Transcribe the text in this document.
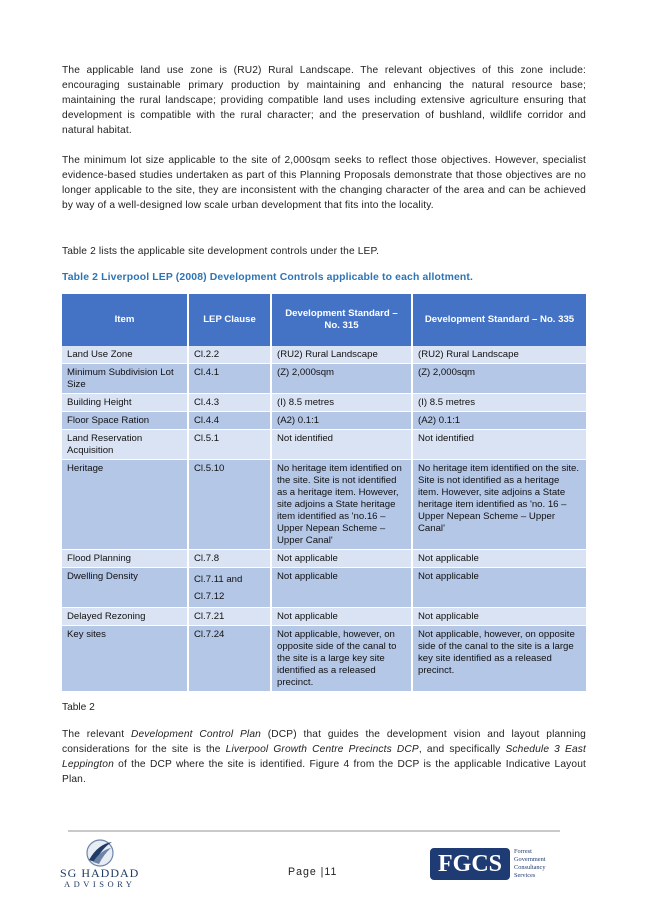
The applicable land use zone is (RU2) Rural Landscape. The relevant objectives of this zone include: encouraging sustainable primary production by maintaining and enhancing the natural resource base; maintaining the rural landscape; providing compatible land uses including extensive agriculture ensuring that development is compatible with the rural character; and the preservation of bushland, wildlife corridor and natural habitat.

The minimum lot size applicable to the site of 2,000sqm seeks to reflect those objectives. However, specialist evidence-based studies undertaken as part of this Planning Proposals demonstrate that those objectives are no longer applicable to the site, they are inconsistent with the changing character of the area and can be achieved by way of a well-designed low scale urban development that fits into the locality.

Table 2 lists the applicable site development controls under the LEP.

Table 2 Liverpool LEP (2008) Development Controls applicable to each allotment.
Item	LEP Clause	Development Standard – No. 315	Development Standard – No. 335
Land Use Zone	Cl.2.2	(RU2) Rural Landscape	(RU2) Rural Landscape
Minimum Subdivision Lot Size	Cl.4.1	(Z) 2,000sqm	(Z) 2,000sqm
Building Height	Cl.4.3	(I) 8.5 metres	(I) 8.5 metres
Floor Space Ration	Cl.4.4	(A2) 0.1:1	(A2) 0.1:1
Land Reservation Acquisition	Cl.5.1	Not identified	Not identified
Heritage	Cl.5.10	No heritage item identified on the site. Site is not identified as a heritage item. However, site adjoins a State heritage item identified as 'no.16 – Upper Nepean Scheme – Upper Canal'	No heritage item identified on the site. Site is not identified as a heritage item. However, site adjoins a State heritage item identified as 'no. 16 – Upper Nepean Scheme – Upper Canal'
Flood Planning	Cl.7.8	Not applicable	Not applicable
Dwelling Density	Cl.7.11 and Cl.7.12	Not applicable	Not applicable
Delayed Rezoning	Cl.7.21	Not applicable	Not applicable
Key sites	Cl.7.24	Not applicable, however, on opposite side of the canal to the site is a large key site identified as a released precinct.	Not applicable, however, on opposite side of the canal to the site is a large key site identified as a released precinct.
Table 2

The relevant Development Control Plan (DCP) that guides the development vision and layout planning considerations for the site is the Liverpool Growth Centre Precincts DCP, and specifically Schedule 3 East Leppington of the DCP where the site is identified. Figure 4 from the DCP is the applicable Indicative Layout Plan.

SG HADDAD
ADVISORY
Page |11	FGCS	Forrest
Government
Consultancy
Services
